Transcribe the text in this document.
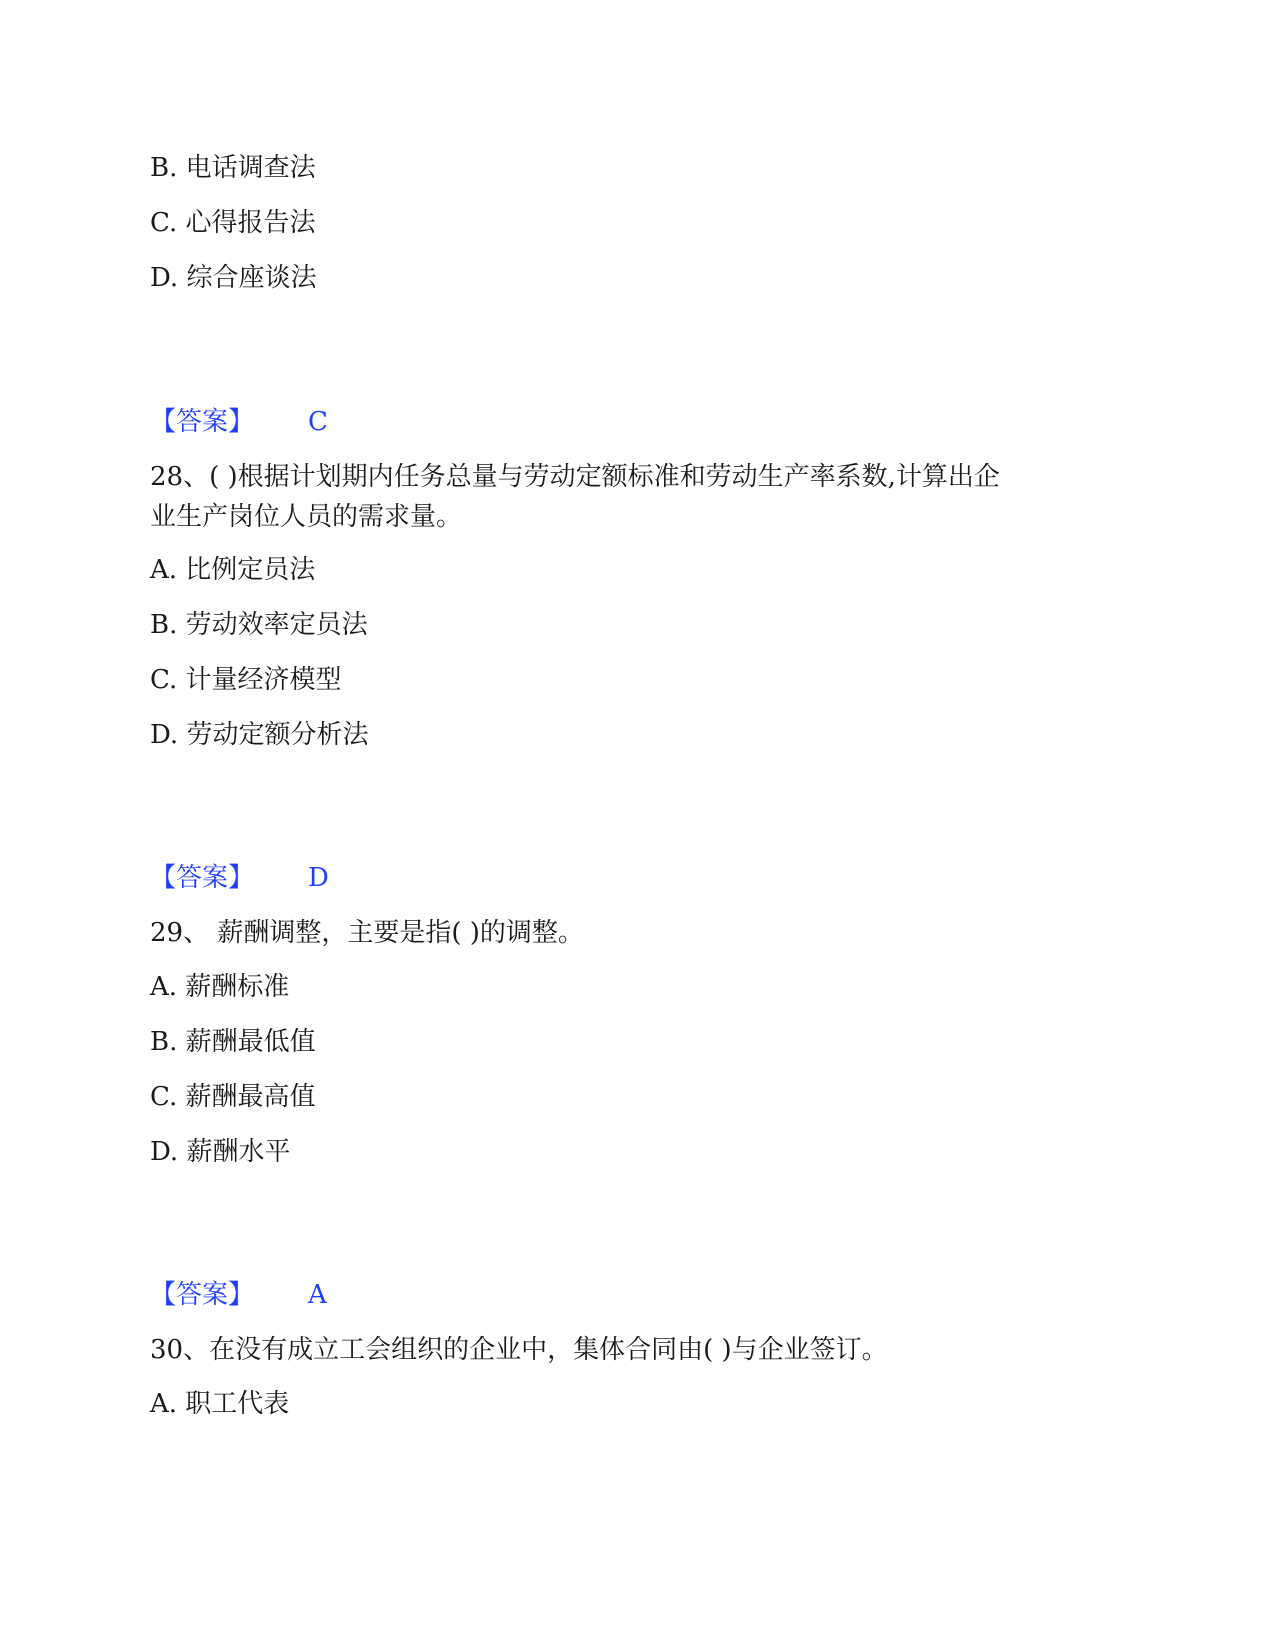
B. 电话调查法
C. 心得报告法
D. 综合座谈法
【答案】 C
28、( )根据计划期内任务总量与劳动定额标准和劳动生产率系数,计算出企
业生产岗位人员的需求量。
A. 比例定员法
B. 劳动效率定员法
C. 计量经济模型
D. 劳动定额分析法
【答案】 D
29、 薪酬调整，主要是指( )的调整。
A. 薪酬标准
B. 薪酬最低值
C. 薪酬最高值
D. 薪酬水平
【答案】 A
30、在没有成立工会组织的企业中，集体合同由( )与企业签订。
A. 职工代表
